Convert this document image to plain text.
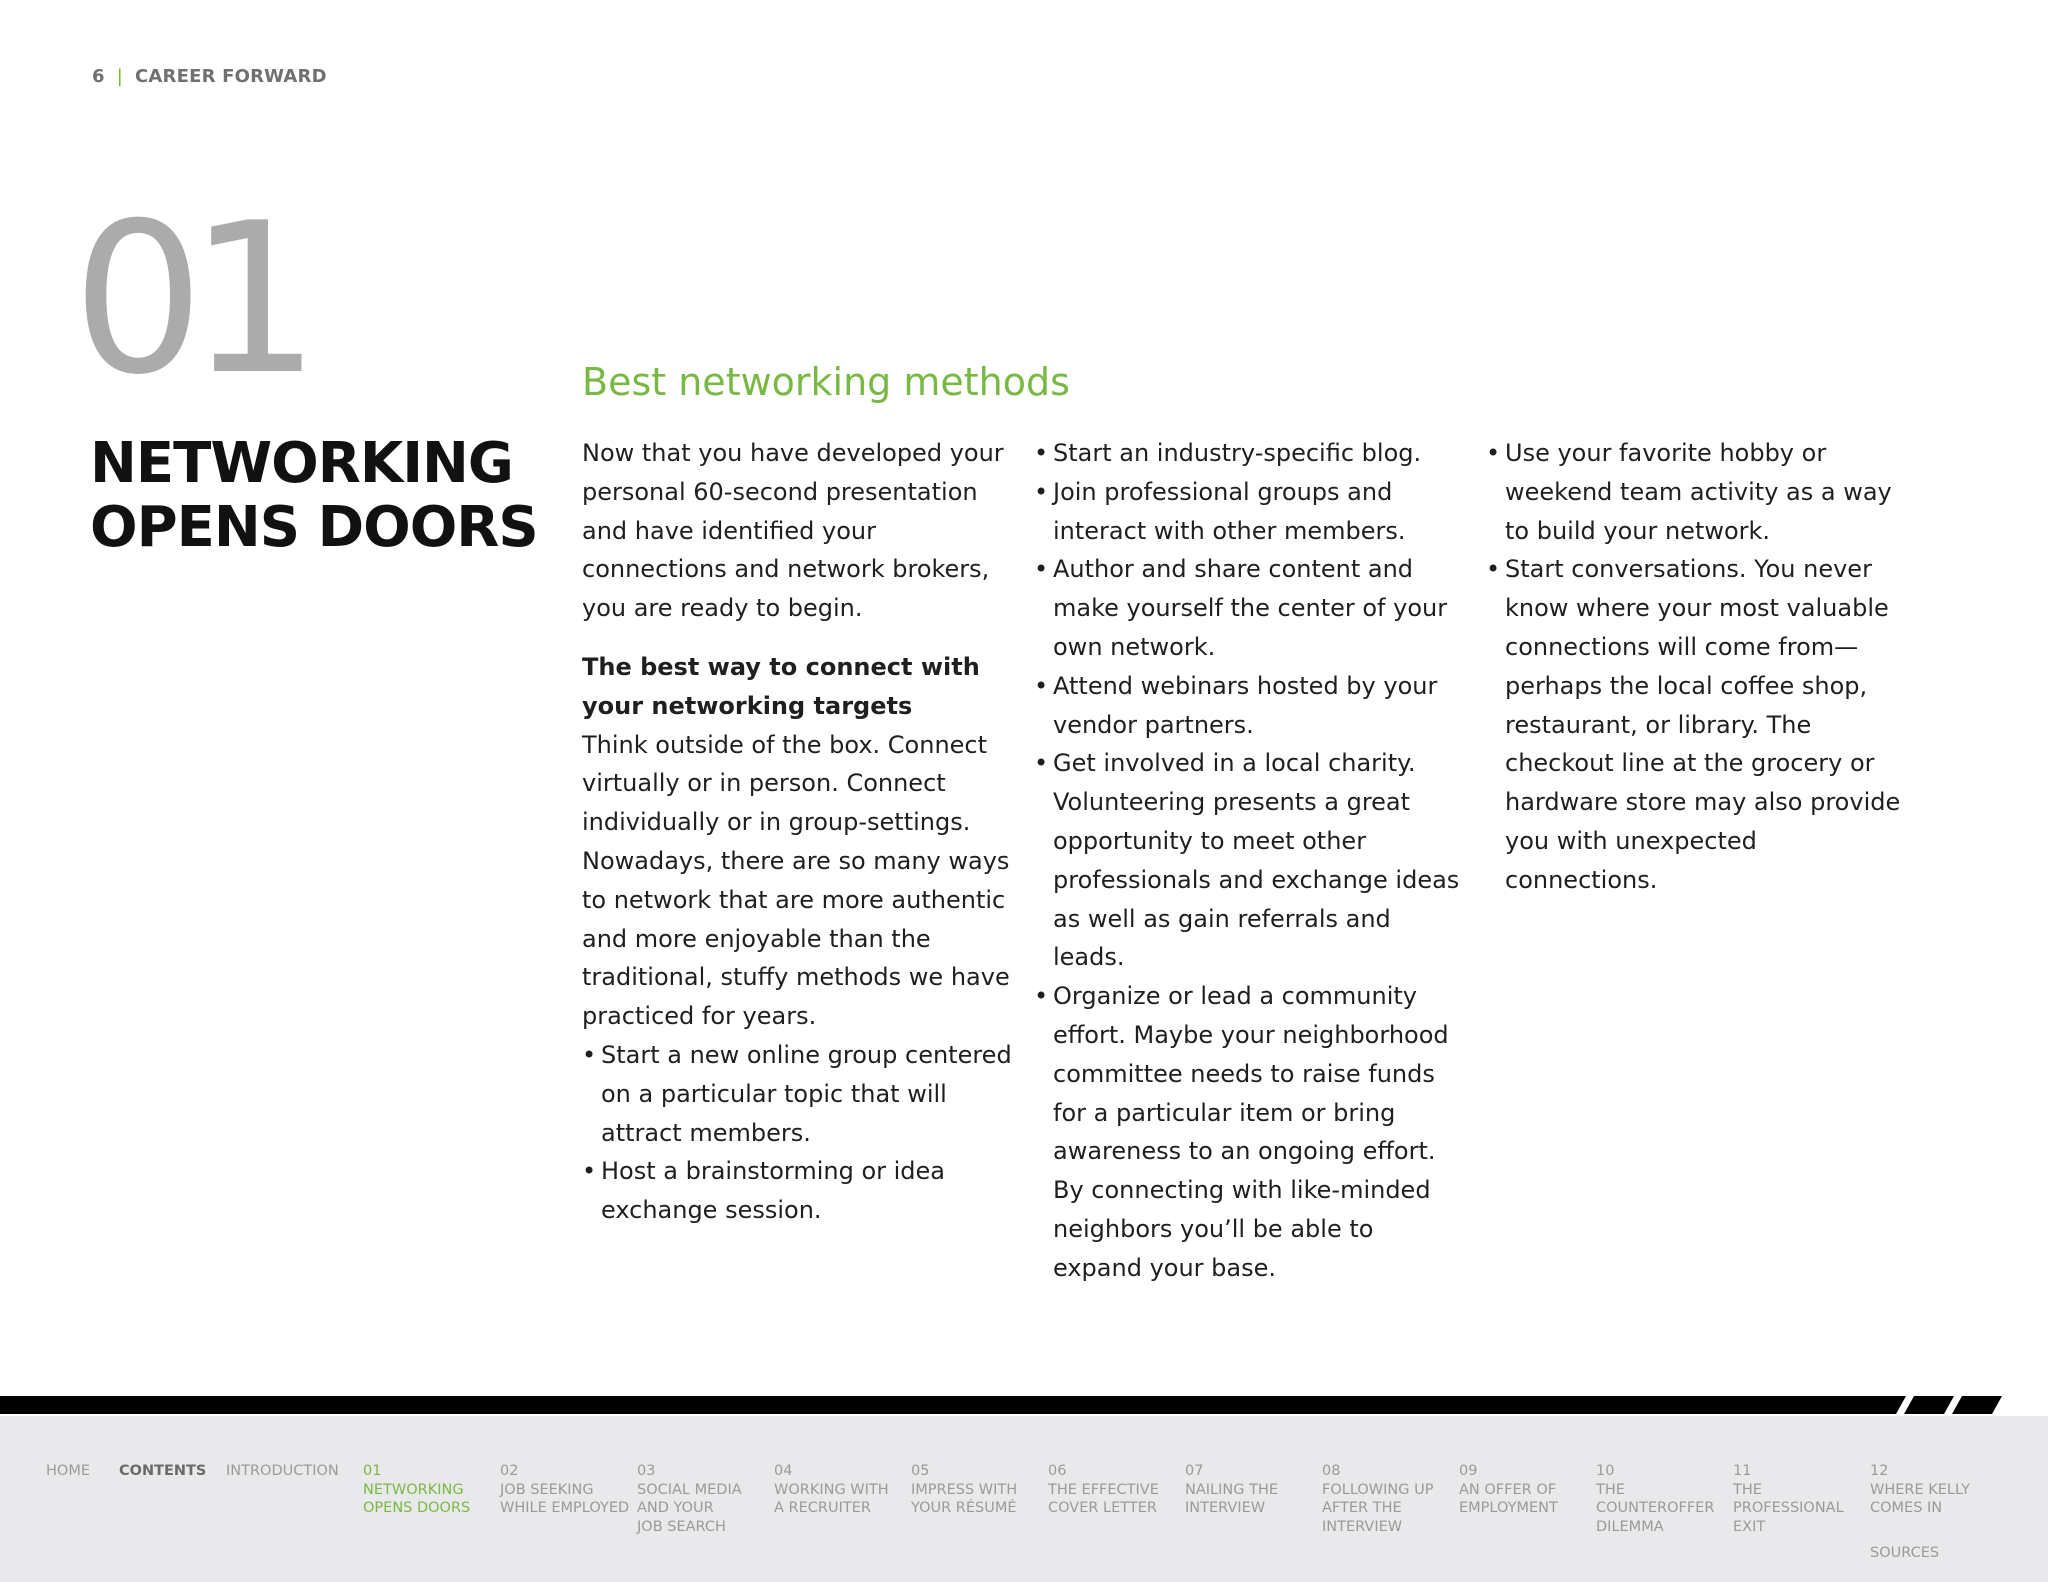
6 | CAREER FORWARD
01
NETWORKING
OPENS DOORS
Best networking methods

Now that you have developed your personal 60-second presentation and have identified your connections and network brokers, you are ready to begin.

The best way to connect with your networking targets

Think outside of the box. Connect virtually or in person. Connect individually or in group-settings. Nowadays, there are so many ways to network that are more authentic and more enjoyable than the traditional, stuffy methods we have practiced for years.

• Start a new online group centered on a particular topic that will attract members.
• Host a brainstorming or idea exchange session.
• Start an industry-specific blog.
• Join professional groups and interact with other members.
• Author and share content and make yourself the center of your own network.
• Attend webinars hosted by your vendor partners.
• Get involved in a local charity. Volunteering presents a great opportunity to meet other professionals and exchange ideas as well as gain referrals and leads.
• Organize or lead a community effort. Maybe your neighborhood committee needs to raise funds for a particular item or bring awareness to an ongoing effort. By connecting with like-minded neighbors you’ll be able to expand your base.
• Use your favorite hobby or weekend team activity as a way to build your network.
• Start conversations. You never know where your most valuable connections will come from—perhaps the local coffee shop, restaurant, or library. The checkout line at the grocery or hardware store may also provide you with unexpected connections.
HOME CONTENTS INTRODUCTION 01
NETWORKING
OPENS DOORS
02
JOB SEEKING
WHILE EMPLOYED
03
SOCIAL MEDIA
AND YOUR
JOB SEARCH
04
WORKING WITH
A RECRUITER
05
IMPRESS WITH
YOUR RÉSUMÉ
06
THE EFFECTIVE
COVER LETTER
07
NAILING THE
INTERVIEW
08
FOLLOWING UP
AFTER THE
INTERVIEW
09
AN OFFER OF
EMPLOYMENT
10
THE
COUNTEROFFER
DILEMMA
11
THE
PROFESSIONAL
EXIT
12
WHERE KELLY
COMES IN
SOURCES
